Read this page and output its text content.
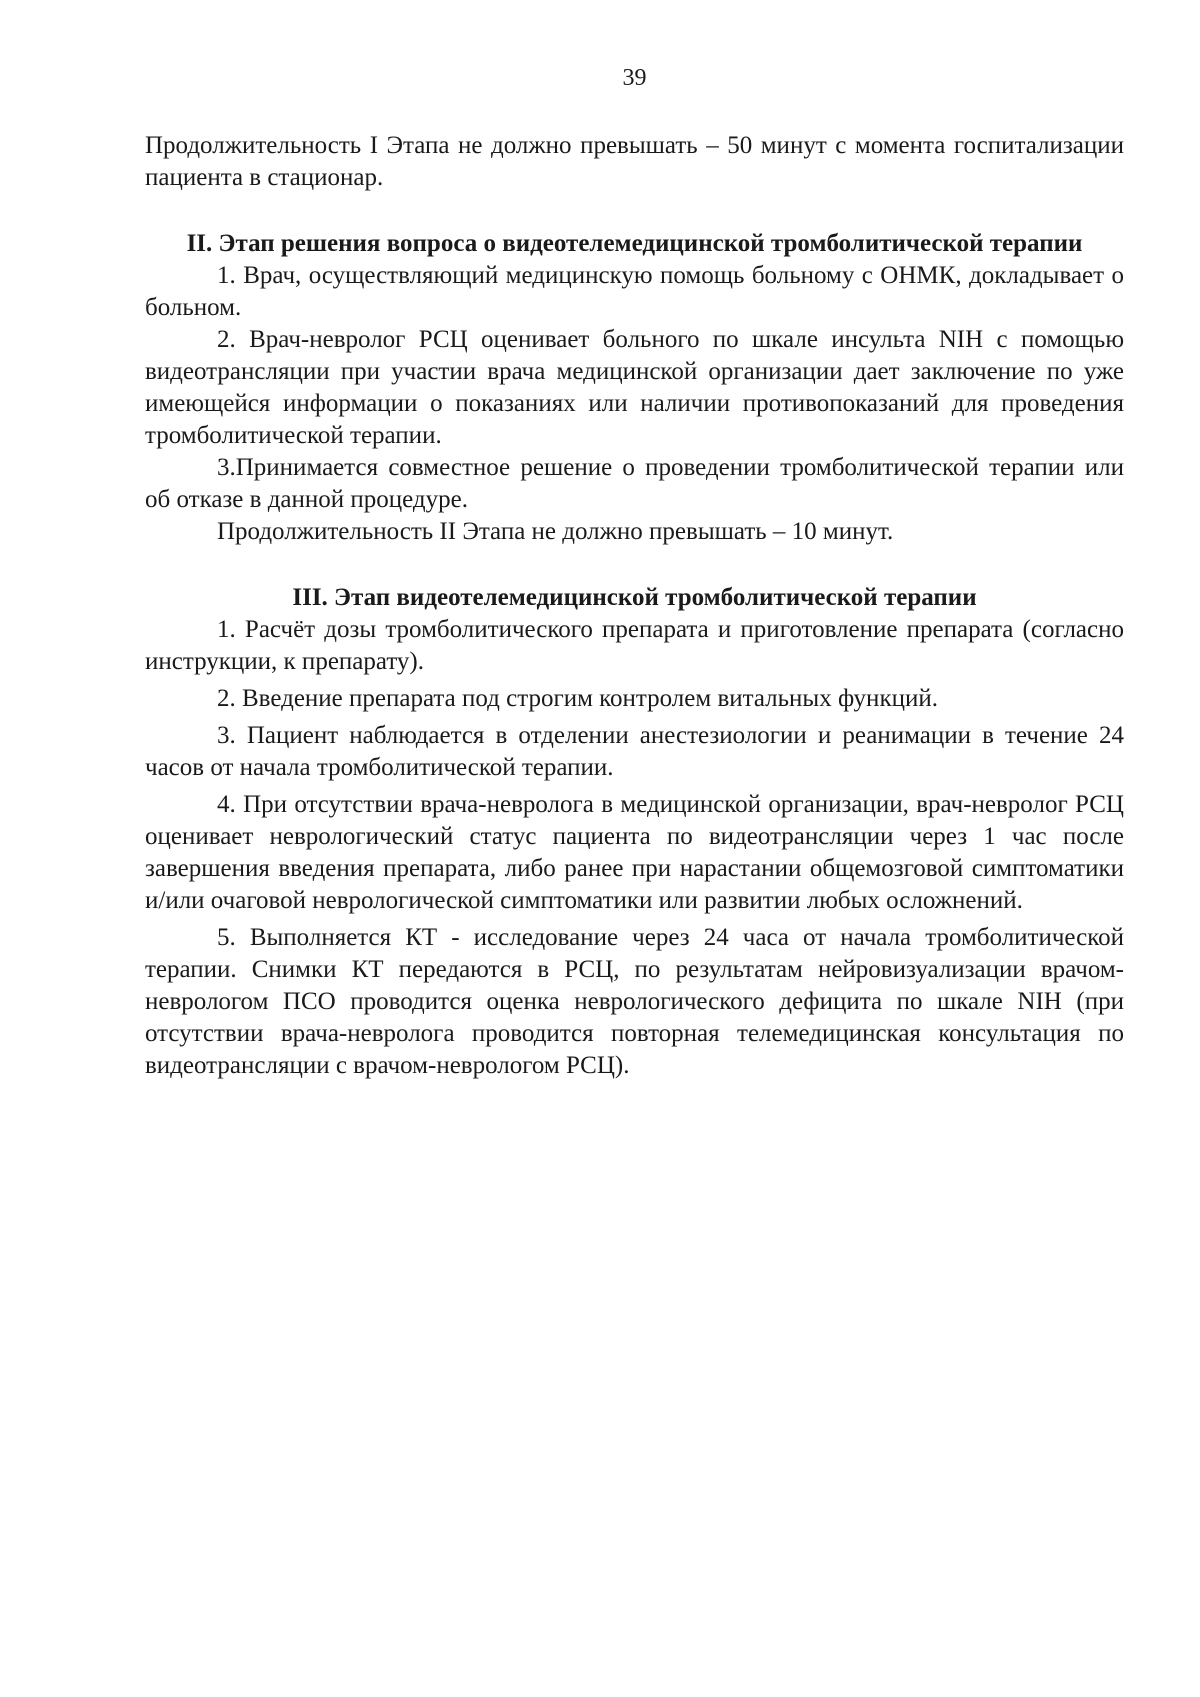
39

Продолжительность I Этапа не должно превышать – 50 минут с момента госпитализации пациента в стационар.

II. Этап решения вопроса о видеотелемедицинской тромболитической терапии

1. Врач, осуществляющий медицинскую помощь больному с ОНМК, докладывает о больном.

2. Врач-невролог РСЦ оценивает больного по шкале инсульта NIH с помощью видеотрансляции при участии врача медицинской организации дает заключение по уже имеющейся информации о показаниях или наличии противопоказаний для проведения тромболитической терапии.

3.Принимается совместное решение о проведении тромболитической терапии или об отказе в данной процедуре.

Продолжительность II Этапа не должно превышать – 10 минут.

III. Этап видеотелемедицинской тромболитической терапии

1. Расчёт дозы тромболитического препарата и приготовление препарата (согласно инструкции, к препарату).

2. Введение препарата под строгим контролем витальных функций.

3. Пациент наблюдается в отделении анестезиологии и реанимации в течение 24 часов от начала тромболитической терапии.

4. При отсутствии врача-невролога в медицинской организации, врач-невролог РСЦ оценивает неврологический статус пациента по видеотрансляции через 1 час после завершения введения препарата, либо ранее при нарастании общемозговой симптоматики и/или очаговой неврологической симптоматики или развитии любых осложнений.

5. Выполняется КТ - исследование через 24 часа от начала тромболитической терапии. Снимки КТ передаются в РСЦ, по результатам нейровизуализации врачом-неврологом ПСО проводится оценка неврологического дефицита по шкале NIH (при отсутствии врача-невролога проводится повторная телемедицинская консультация по видеотрансляции с врачом-неврологом РСЦ).
